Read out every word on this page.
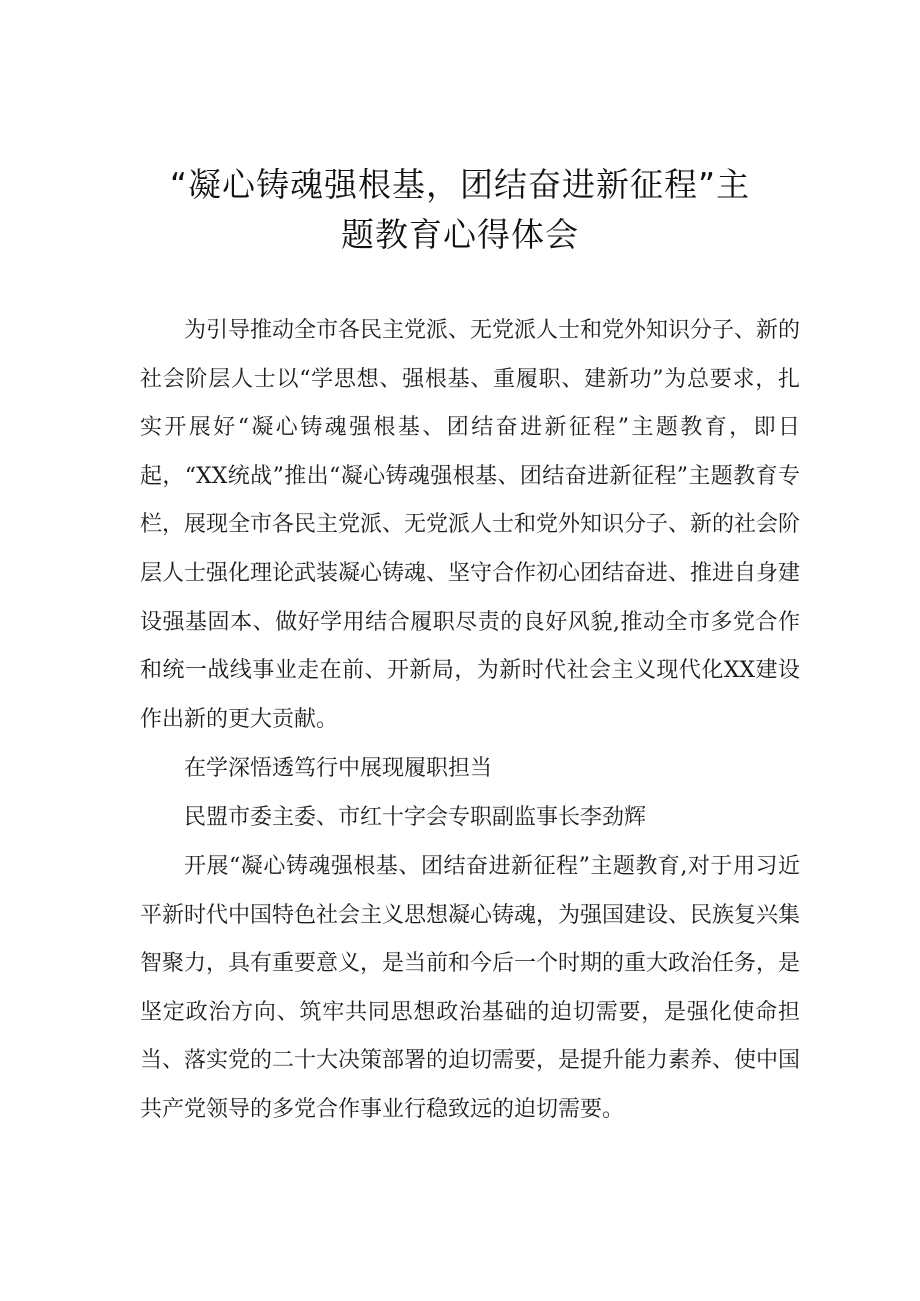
“凝心铸魂强根基，团结奋进新征程”主
题教育心得体会

为引导推动全市各民主党派、无党派人士和党外知识分子、新的社会阶层人士以“学思想、强根基、重履职、建新功”为总要求，扎实开展好“凝心铸魂强根基、团结奋进新征程”主题教育，即日起，“XX统战”推出“凝心铸魂强根基、团结奋进新征程”主题教育专栏，展现全市各民主党派、无党派人士和党外知识分子、新的社会阶层人士强化理论武装凝心铸魂、坚守合作初心团结奋进、推进自身建设强基固本、做好学用结合履职尽责的良好风貌,推动全市多党合作和统一战线事业走在前、开新局，为新时代社会主义现代化XX建设作出新的更大贡献。

在学深悟透笃行中展现履职担当

民盟市委主委、市红十字会专职副监事长李劲辉

开展“凝心铸魂强根基、团结奋进新征程”主题教育,对于用习近平新时代中国特色社会主义思想凝心铸魂，为强国建设、民族复兴集智聚力，具有重要意义，是当前和今后一个时期的重大政治任务，是坚定政治方向、筑牢共同思想政治基础的迫切需要，是强化使命担当、落实党的二十大决策部署的迫切需要，是提升能力素养、使中国共产党领导的多党合作事业行稳致远的迫切需要。
